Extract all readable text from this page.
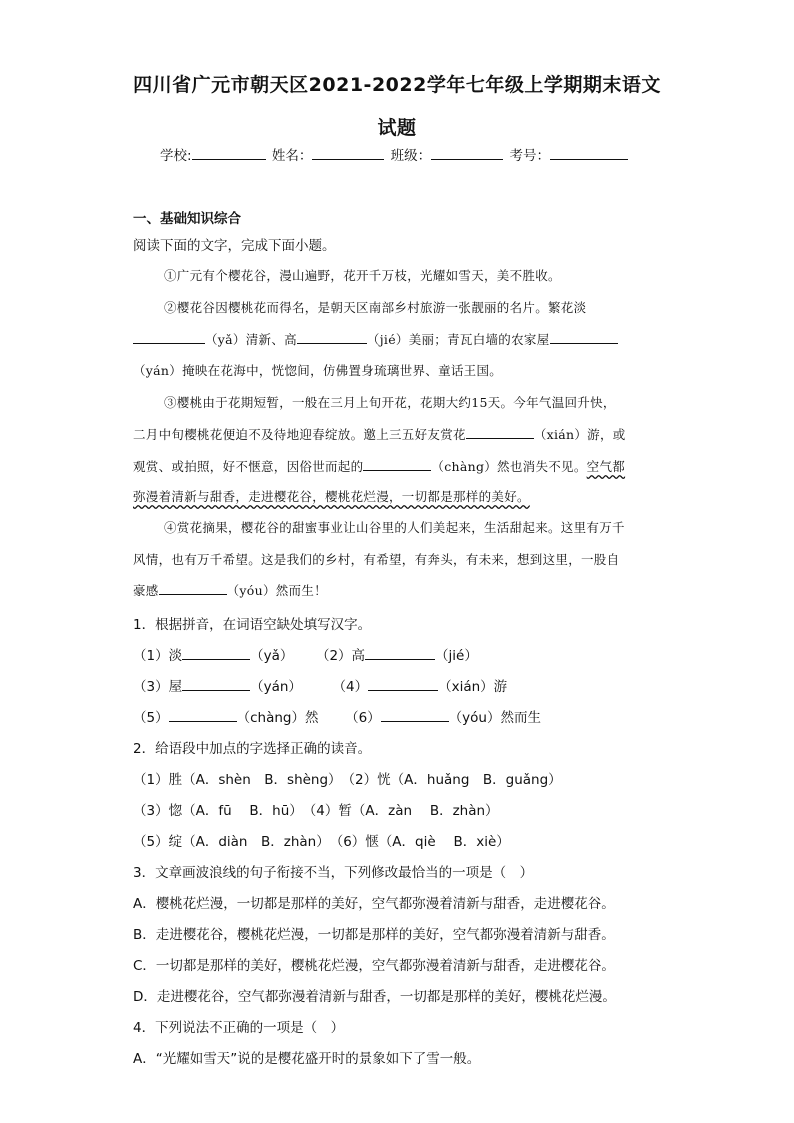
四川省广元市朝天区2021-2022学年七年级上学期期末语文
试题
学校:	姓名：	班级：	考号：
一、基础知识综合
阅读下面的文字，完成下面小题。
①广元有个樱花谷，漫山遍野，花开千万枝，光耀如雪天，美不胜收。
②樱花谷因樱桃花而得名，是朝天区南部乡村旅游一张靓丽的名片。繁花淡
（yǎ）清新、高	（jié）美丽；青瓦白墙的农家屋
（yán）掩映在花海中，恍惚间，仿佛置身琉璃世界、童话王国。
③樱桃由于花期短暂，一般在三月上旬开花，花期大约15天。今年气温回升快，
二月中旬樱桃花便迫不及待地迎春绽放。邀上三五好友赏花	（xián）游，或
观赏、或拍照，好不惬意，因俗世而起的	（chàng）然也消失不见。空气都
弥漫着清新与甜香，走进樱花谷，樱桃花烂漫，一切都是那样的美好。
④赏花摘果，樱花谷的甜蜜事业让山谷里的人们美起来，生活甜起来。这里有万千
风情，也有万千希望。这是我们的乡村，有希望，有奔头，有未来，想到这里，一股自
豪感	（yóu）然而生！
1．根据拼音，在词语空缺处填写汉字。
（1）淡	（yǎ） （2）高	（jié）
（3）屋	（yán） （4）	（xián）游
（5）	（chàng）然 （6）	（yóu）然而生
2．给语段中加点的字选择正确的读音。
（1）胜（A．shèn　B．shèng）　（2）恍（A．huǎng　B．guǎng）
（3）惚（A．fū　 B．hū）　（4）暂（A．zàn　 B．zhàn）
（5）绽（A．diàn　B．zhàn）　（6）惬（A．qiè　 B．xiè）
3．文章画波浪线的句子衔接不当，下列修改最恰当的一项是（　）
A．樱桃花烂漫，一切都是那样的美好，空气都弥漫着清新与甜香，走进樱花谷。
B．走进樱花谷，樱桃花烂漫，一切都是那样的美好，空气都弥漫着清新与甜香。
C．一切都是那样的美好，樱桃花烂漫，空气都弥漫着清新与甜香，走进樱花谷。
D．走进樱花谷，空气都弥漫着清新与甜香，一切都是那样的美好，樱桃花烂漫。
4．下列说法不正确的一项是（　）
A．“光耀如雪天”说的是樱花盛开时的景象如下了雪一般。
